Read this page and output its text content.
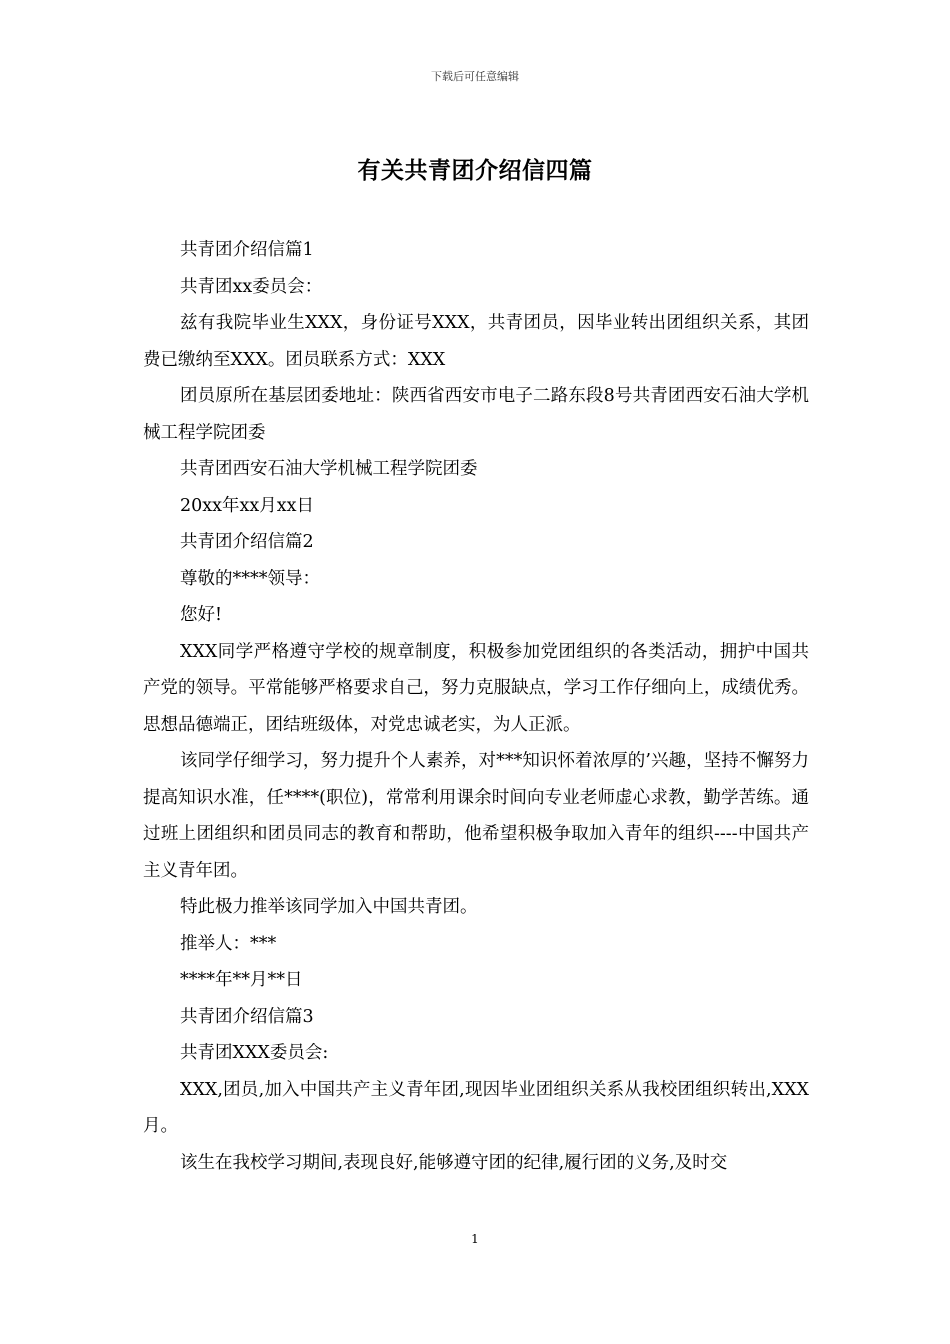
下载后可任意编辑
有关共青团介绍信四篇

共青团介绍信篇1

共青团xx委员会：

兹有我院毕业生XXX，身份证号XXX，共青团员，因毕业转出团组织关系，其团费已缴纳至XXX。团员联系方式：XXX

团员原所在基层团委地址：陕西省西安市电子二路东段8号共青团西安石油大学机械工程学院团委

共青团西安石油大学机械工程学院团委

20xx年xx月xx日

共青团介绍信篇2

尊敬的****领导：

您好!

XXX同学严格遵守学校的规章制度，积极参加党团组织的各类活动，拥护中国共产党的领导。平常能够严格要求自己，努力克服缺点，学习工作仔细向上，成绩优秀。思想品德端正，团结班级体，对党忠诚老实，为人正派。

该同学仔细学习，努力提升个人素养，对***知识怀着浓厚的’兴趣，坚持不懈努力提高知识水准，任****(职位)，常常利用课余时间向专业老师虚心求教，勤学苦练。通过班上团组织和团员同志的教育和帮助，他希望积极争取加入青年的组织----中国共产主义青年团。

特此极力推举该同学加入中国共青团。

推举人：***

****年**月**日

共青团介绍信篇3

共青团XXX委员会:

XXX,团员,加入中国共产主义青年团,现因毕业团组织关系从我校团组织转出,XXX月。

该生在我校学习期间,表现良好,能够遵守团的纪律,履行团的义务,及时交

1
